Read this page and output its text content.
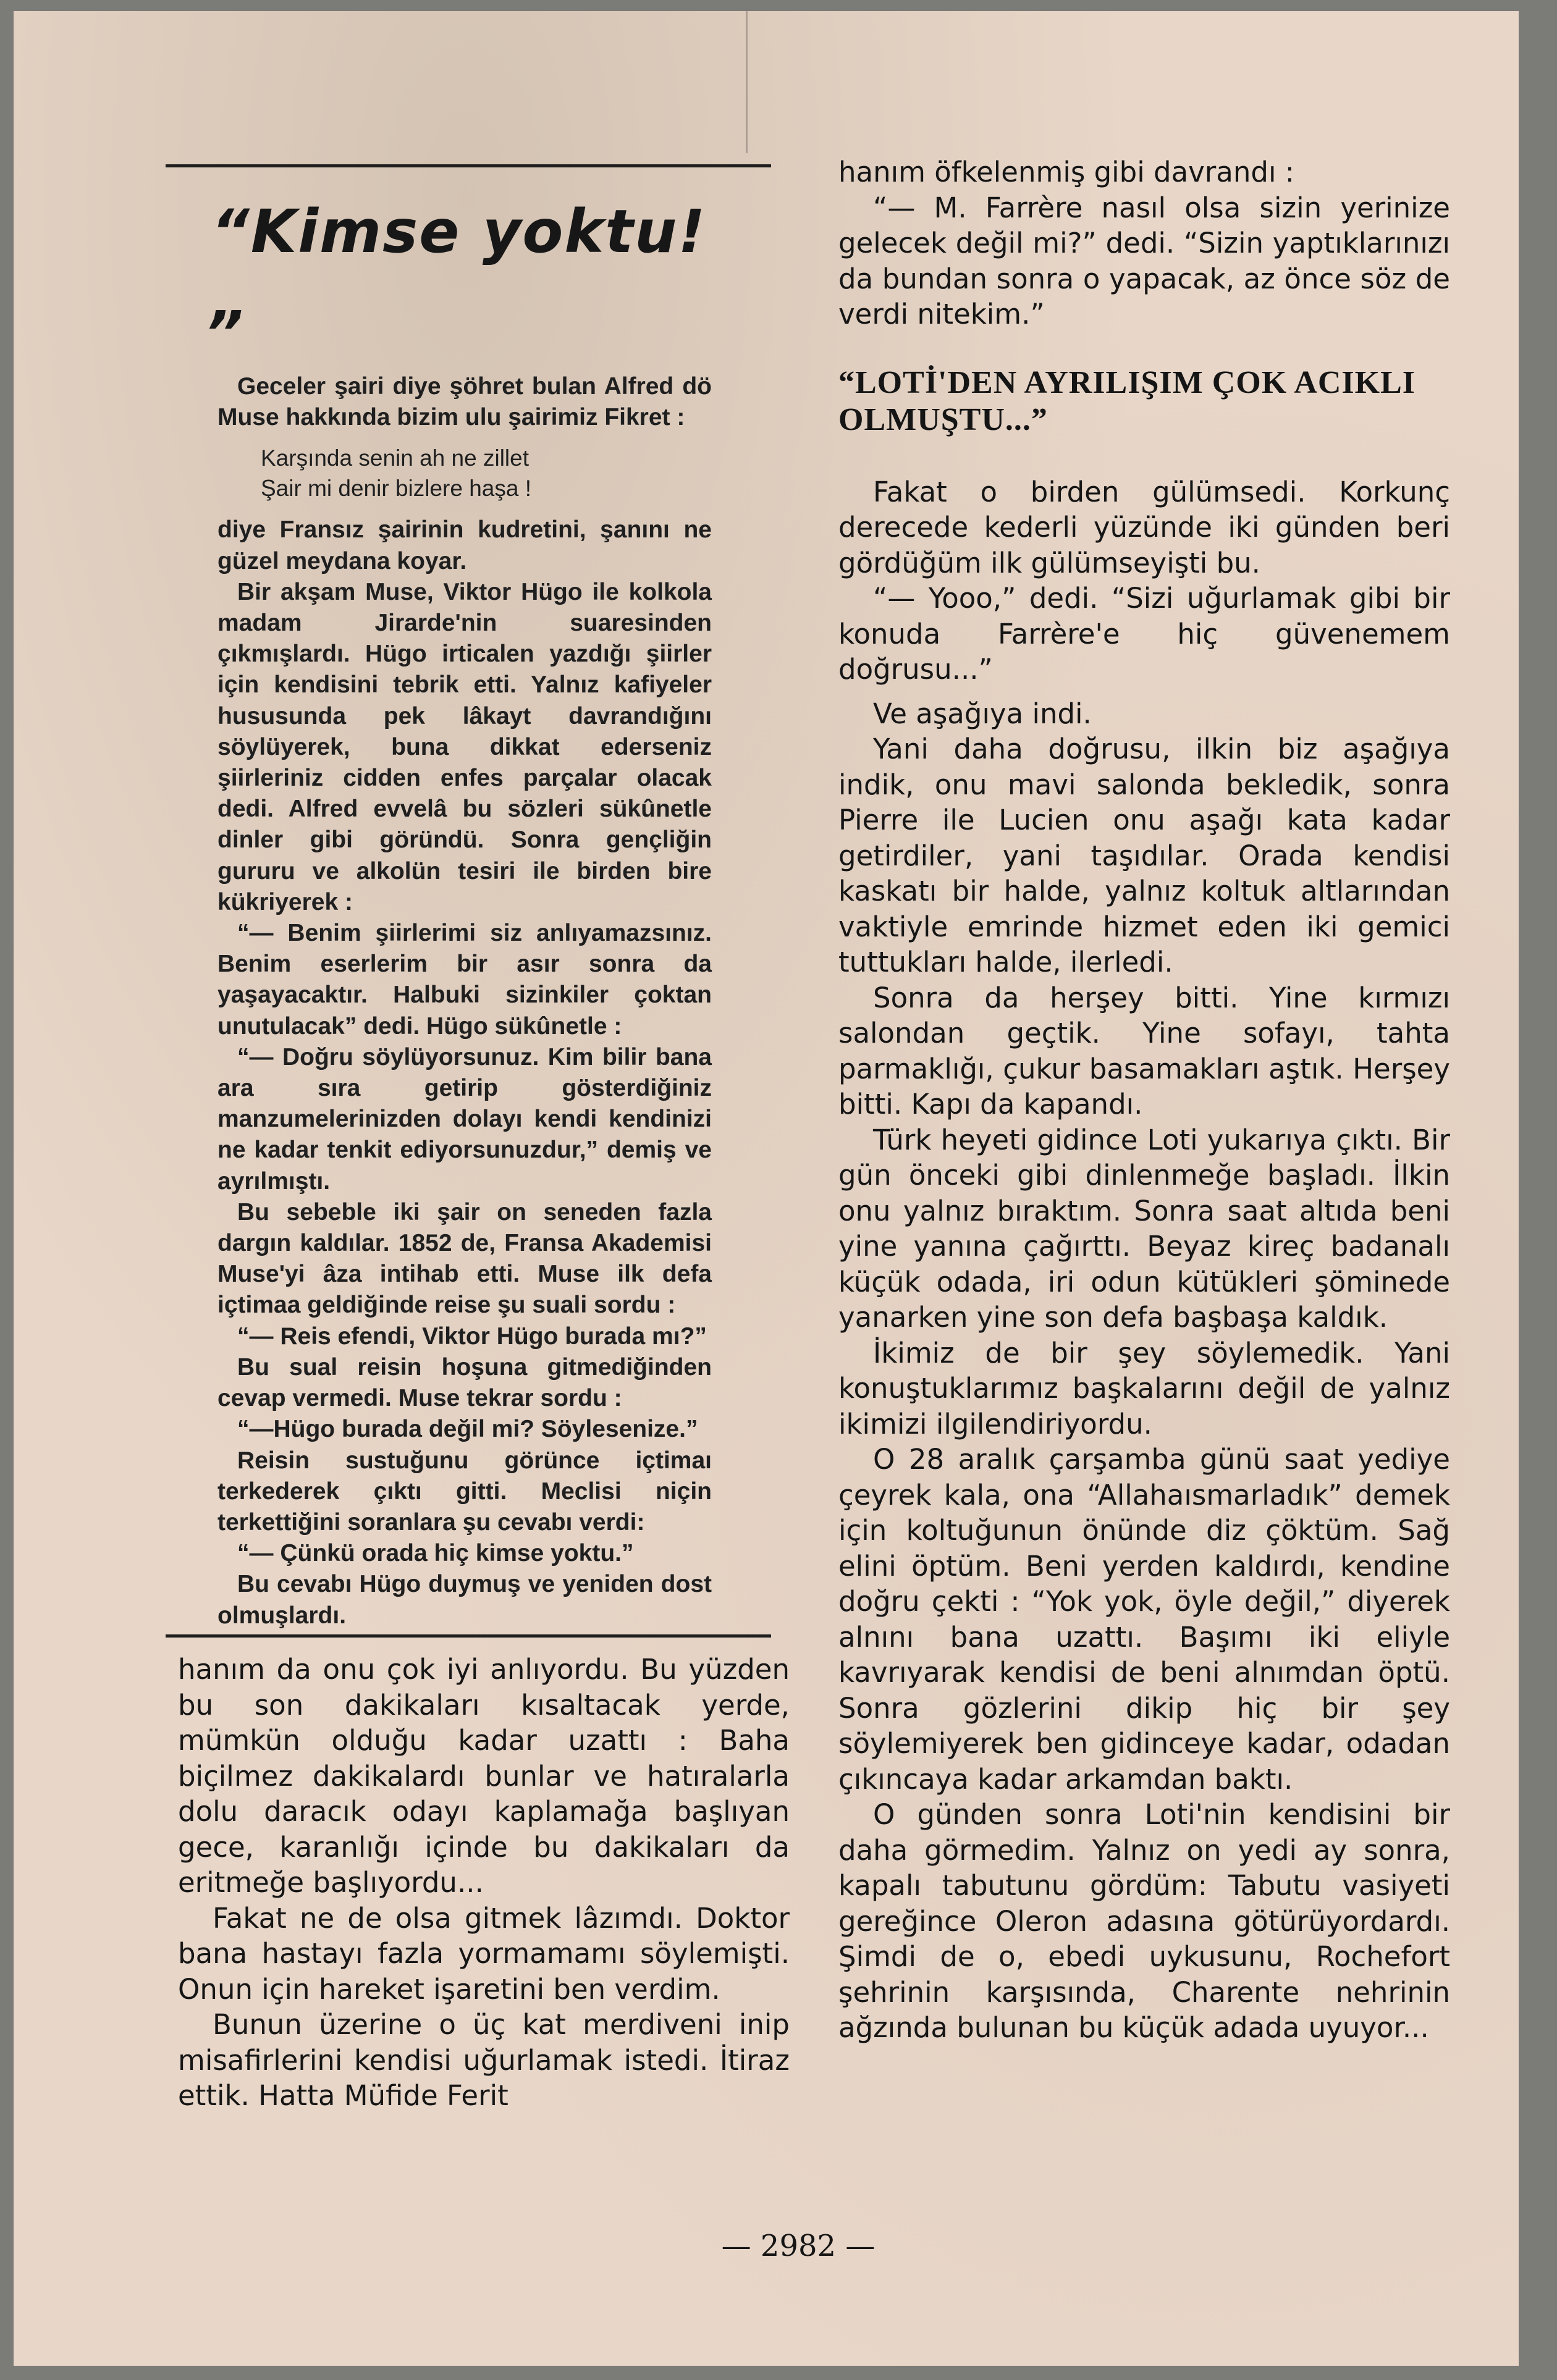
“Kimse yoktu!„

Geceler şairi diye şöhret bulan Alfred dö Muse hakkında bizim ulu şairimiz Fikret :

Karşında senin ah ne zillet
Şair mi denir bizlere haşa !

diye Fransız şairinin kudretini, şanını ne güzel meydana koyar.

Bir akşam Muse, Viktor Hügo ile kolkola madam Jirarde'nin suaresinden çıkmışlardı. Hügo irticalen yazdığı şiirler için kendisini tebrik etti. Yalnız kafiyeler hususunda pek lâkayt davrandığını söylüyerek, buna dikkat ederseniz şiirleriniz cidden enfes parçalar olacak dedi. Alfred evvelâ bu sözleri sükûnetle dinler gibi göründü. Sonra gençliğin gururu ve alkolün tesiri ile birden bire kükriyerek :

“— Benim şiirlerimi siz anlıyamazsınız. Benim eserlerim bir asır sonra da yaşayacaktır. Halbuki sizinkiler çoktan unutulacak” dedi. Hügo sükûnetle :

“— Doğru söylüyorsunuz. Kim bilir bana ara sıra getirip gösterdiğiniz manzumelerinizden dolayı kendi kendinizi ne kadar tenkit ediyorsunuzdur,” demiş ve ayrılmıştı.

Bu sebeble iki şair on seneden fazla dargın kaldılar. 1852 de, Fransa Akademisi Muse'yi âza intihab etti. Muse ilk defa içtimaa geldiğinde reise şu suali sordu :

“— Reis efendi, Viktor Hügo burada mı?”

Bu sual reisin hoşuna gitmediğinden cevap vermedi. Muse tekrar sordu :

“—Hügo burada değil mi? Söylesenize.”

Reisin sustuğunu görünce içtimaı terkederek çıktı gitti. Meclisi niçin terkettiğini soranlara şu cevabı verdi:

“— Çünkü orada hiç kimse yoktu.”

Bu cevabı Hügo duymuş ve yeniden dost olmuşlardı.

hanım da onu çok iyi anlıyordu. Bu yüzden bu son dakikaları kısaltacak yerde, mümkün olduğu kadar uzattı : Baha biçilmez dakikalardı bunlar ve hatıralarla dolu daracık odayı kaplamağa başlıyan gece, karanlığı içinde bu dakikaları da eritmeğe başlıyordu...

Fakat ne de olsa gitmek lâzımdı. Doktor bana hastayı fazla yormamamı söylemişti. Onun için hareket işaretini ben verdim.

Bunun üzerine o üç kat merdiveni inip misafirlerini kendisi uğurlamak istedi. İtiraz ettik. Hatta Müfide Ferit

hanım öfkelenmiş gibi davrandı :

“— M. Farrère nasıl olsa sizin yerinize gelecek değil mi?” dedi. “Sizin yaptıklarınızı da bundan sonra o yapacak, az önce söz de verdi nitekim.”

“LOTİ'DEN AYRILIŞIM ÇOK ACIKLI OLMUŞTU...”

Fakat o birden gülümsedi. Korkunç derecede kederli yüzünde iki günden beri gördüğüm ilk gülümseyişti bu.

“— Yooo,” dedi. “Sizi uğurlamak gibi bir konuda Farrère'e hiç güvenemem doğrusu...”

Ve aşağıya indi.

Yani daha doğrusu, ilkin biz aşağıya indik, onu mavi salonda bekledik, sonra Pierre ile Lucien onu aşağı kata kadar getirdiler, yani taşıdılar. Orada kendisi kaskatı bir halde, yalnız koltuk altlarından vaktiyle emrinde hizmet eden iki gemici tuttukları halde, ilerledi.

Sonra da herşey bitti. Yine kırmızı salondan geçtik. Yine sofayı, tahta parmaklığı, çukur basamakları aştık. Herşey bitti. Kapı da kapandı.

Türk heyeti gidince Loti yukarıya çıktı. Bir gün önceki gibi dinlenmeğe başladı. İlkin onu yalnız bıraktım. Sonra saat altıda beni yine yanına çağırttı. Beyaz kireç badanalı küçük odada, iri odun kütükleri şöminede yanarken yine son defa başbaşa kaldık.

İkimiz de bir şey söylemedik. Yani konuştuklarımız başkalarını değil de yalnız ikimizi ilgilendiriyordu.

O 28 aralık çarşamba günü saat yediye çeyrek kala, ona “Allahaısmarladık” demek için koltuğunun önünde diz çöktüm. Sağ elini öptüm. Beni yerden kaldırdı, kendine doğru çekti : “Yok yok, öyle değil,” diyerek alnını bana uzattı. Başımı iki eliyle kavrıyarak kendisi de beni alnımdan öptü. Sonra gözlerini dikip hiç bir şey söylemiyerek ben gidinceye kadar, odadan çıkıncaya kadar arkamdan baktı.

O günden sonra Loti'nin kendisini bir daha görmedim. Yalnız on yedi ay sonra, kapalı tabutunu gördüm: Tabutu vasiyeti gereğince Oleron adasına götürüyordardı. Şimdi de o, ebedi uykusunu, Rochefort şehrinin karşısında, Charente nehrinin ağzında bulunan bu küçük adada uyuyor...

— 2982 —
